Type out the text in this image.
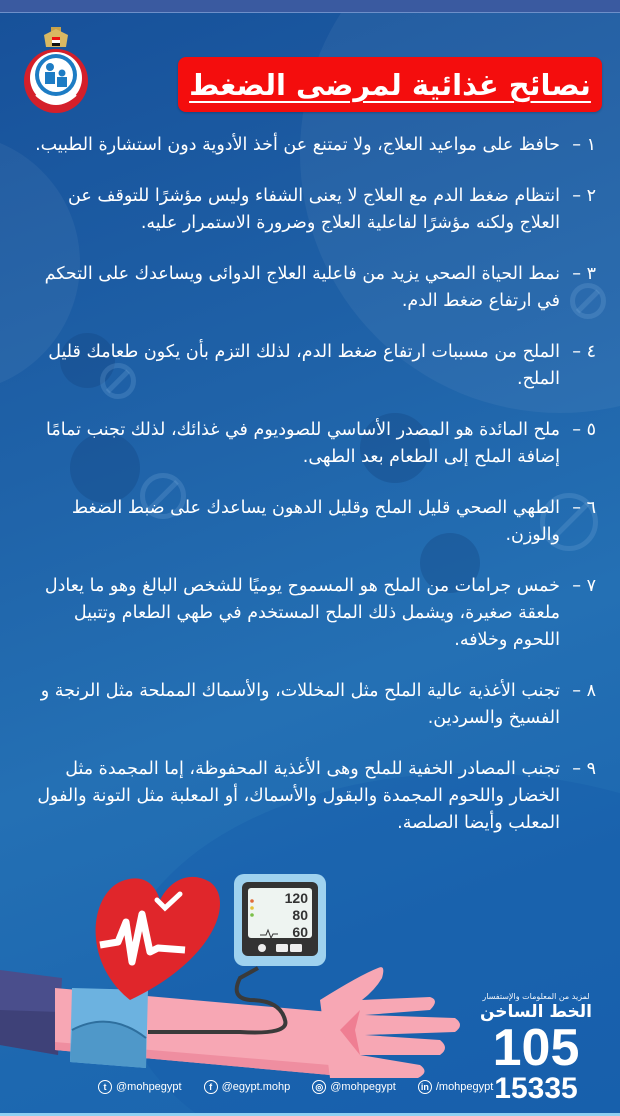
نصائح غذائية لمرضى الضغط
١ –حافظ على مواعيد العلاج، ولا تمتنع عن أخذ الأدوية دون استشارة الطبيب.
٢ –انتظام ضغط الدم مع العلاج لا يعنى الشفاء وليس مؤشرًا للتوقف عن العلاج ولكنه مؤشرًا لفاعلية العلاج وضرورة الاستمرار عليه.
٣ –نمط الحياة الصحي يزيد من فاعلية العلاج الدوائى ويساعدك على التحكم في ارتفاع ضغط الدم.
٤ –الملح من مسببات ارتفاع ضغط الدم، لذلك التزم بأن يكون طعامك قليل الملح.
٥ –ملح المائدة هو المصدر الأساسي للصوديوم في غذائك، لذلك تجنب تمامًا إضافة الملح إلى الطعام بعد الطهى.
٦ –الطهي الصحي قليل الملح وقليل الدهون يساعدك على ضبط الضغط والوزن.
٧ –خمس جرامات من الملح هو المسموح يوميًا للشخص البالغ وهو ما يعادل ملعقة صغيرة، ويشمل ذلك الملح المستخدم في طهي الطعام وتتبيل اللحوم وخلافه.
٨ –تجنب الأغذية عالية الملح مثل المخللات، والأسماك المملحة مثل الرنجة و الفسيخ والسردين.
٩ –تجنب المصادر الخفية للملح وهى الأغذية المحفوظة، إما المجمدة مثل الخضار واللحوم المجمدة والبقول والأسماك، أو المعلبة مثل التونة والفول المعلب وأيضا الصلصة.
120
80
60
لمزيد من المعلومات والإستفسار
الخط الساخن
105
15335
t @mohpegypt	f @egypt.mohp	◎ @mohpegypt	in /mohpegypt
